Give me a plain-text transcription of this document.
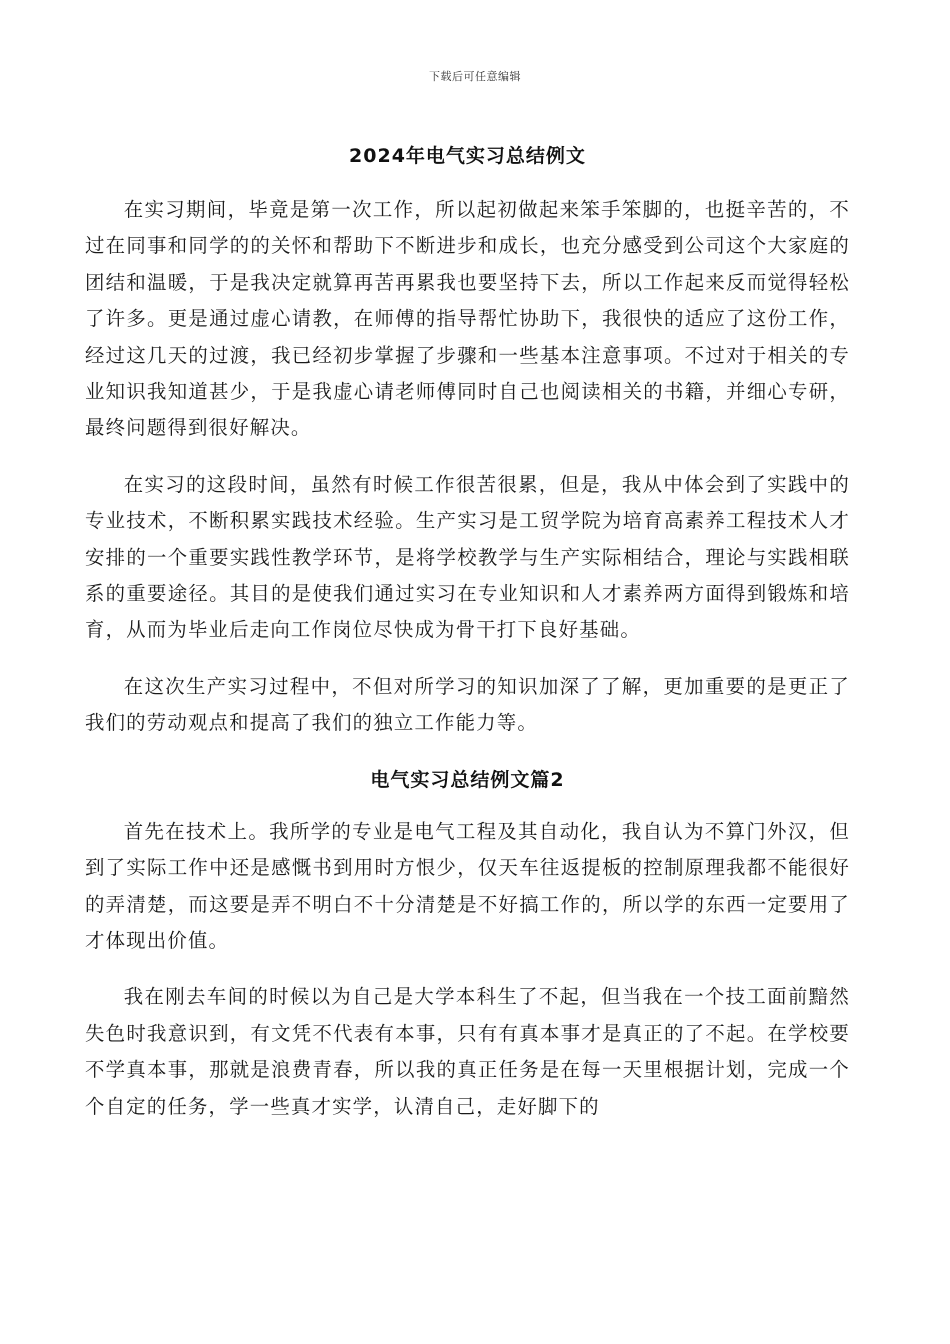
下载后可任意编辑
2024年电气实习总结例文

在实习期间，毕竟是第一次工作，所以起初做起来笨手笨脚的，也挺辛苦的，不过在同事和同学的的关怀和帮助下不断进步和成长，也充分感受到公司这个大家庭的团结和温暖，于是我决定就算再苦再累我也要坚持下去，所以工作起来反而觉得轻松了许多。更是通过虚心请教，在师傅的指导帮忙协助下，我很快的适应了这份工作，经过这几天的过渡，我已经初步掌握了步骤和一些基本注意事项。不过对于相关的专业知识我知道甚少，于是我虚心请老师傅同时自己也阅读相关的书籍，并细心专研，最终问题得到很好解决。

在实习的这段时间，虽然有时候工作很苦很累，但是，我从中体会到了实践中的专业技术，不断积累实践技术经验。生产实习是工贸学院为培育高素养工程技术人才安排的一个重要实践性教学环节，是将学校教学与生产实际相结合，理论与实践相联系的重要途径。其目的是使我们通过实习在专业知识和人才素养两方面得到锻炼和培育，从而为毕业后走向工作岗位尽快成为骨干打下良好基础。

在这次生产实习过程中，不但对所学习的知识加深了了解，更加重要的是更正了我们的劳动观点和提高了我们的独立工作能力等。

电气实习总结例文篇2

首先在技术上。我所学的专业是电气工程及其自动化，我自认为不算门外汉，但到了实际工作中还是感慨书到用时方恨少，仅天车往返提板的控制原理我都不能很好的弄清楚，而这要是弄不明白不十分清楚是不好搞工作的，所以学的东西一定要用了才体现出价值。

我在刚去车间的时候以为自己是大学本科生了不起，但当我在一个技工面前黯然失色时我意识到，有文凭不代表有本事，只有有真本事才是真正的了不起。在学校要不学真本事，那就是浪费青春，所以我的真正任务是在每一天里根据计划，完成一个个自定的任务，学一些真才实学，认清自己，走好脚下的
